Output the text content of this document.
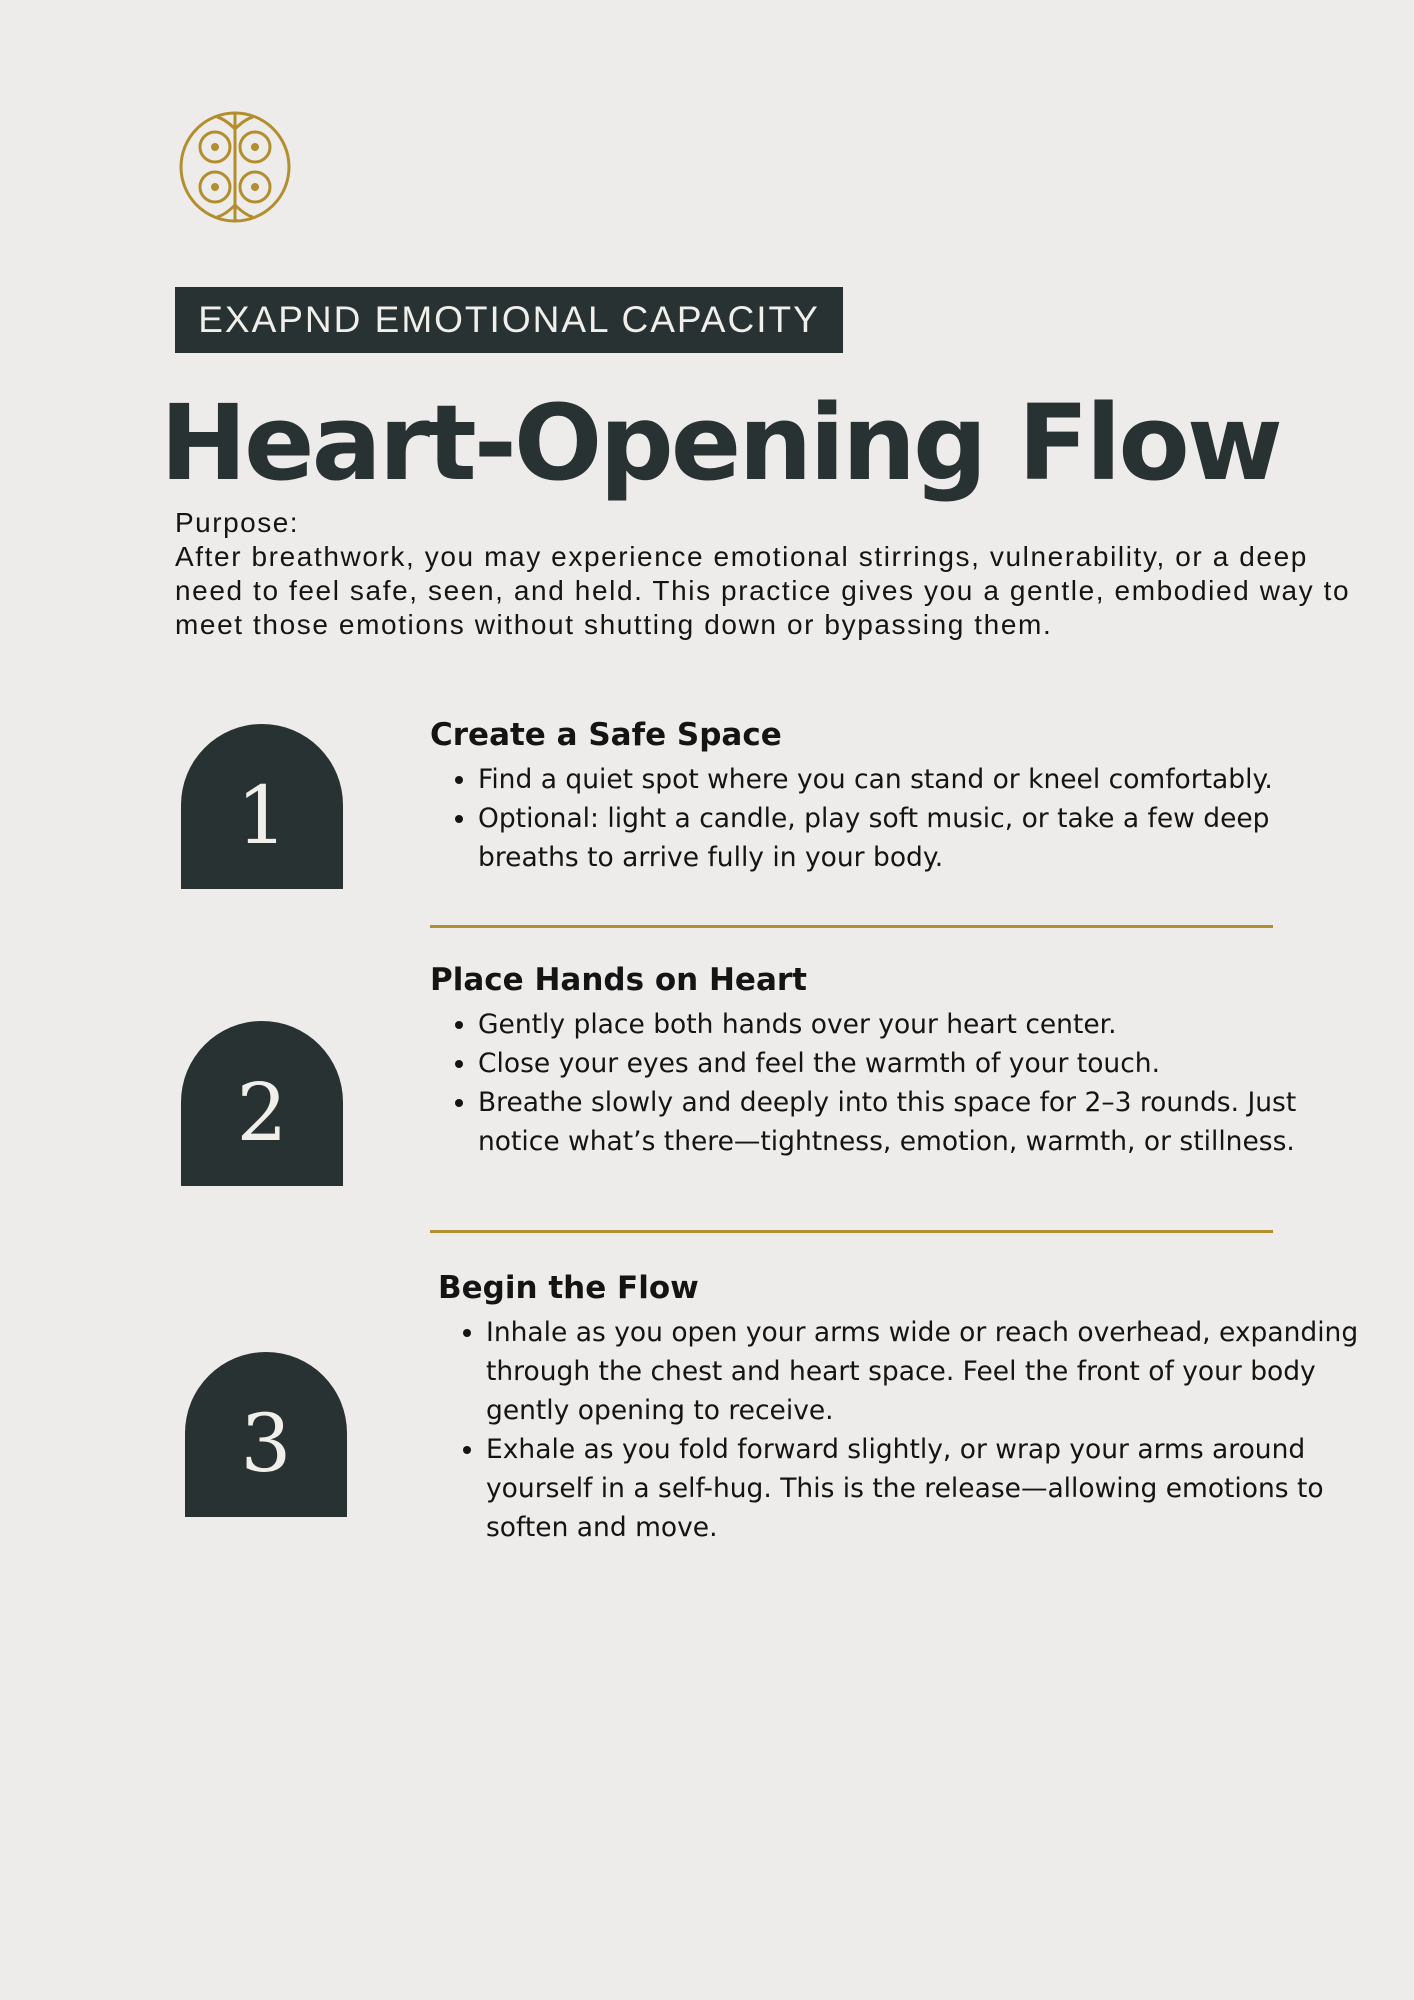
EXAPND EMOTIONAL CAPACITY
Heart-Opening Flow
Purpose:
After breathwork, you may experience emotional stirrings, vulnerability, or a deep need to feel safe, seen, and held. This practice gives you a gentle, embodied way to meet those emotions without shutting down or bypassing them.
1
Create a Safe Space
• Find a quiet spot where you can stand or kneel comfortably.
• Optional: light a candle, play soft music, or take a few deep breaths to arrive fully in your body.
2
Place Hands on Heart
• Gently place both hands over your heart center.
• Close your eyes and feel the warmth of your touch.
• Breathe slowly and deeply into this space for 2–3 rounds. Just notice what’s there—tightness, emotion, warmth, or stillness.
3
Begin the Flow
• Inhale as you open your arms wide or reach overhead, expanding through the chest and heart space. Feel the front of your body gently opening to receive.
• Exhale as you fold forward slightly, or wrap your arms around yourself in a self-hug. This is the release—allowing emotions to soften and move.
